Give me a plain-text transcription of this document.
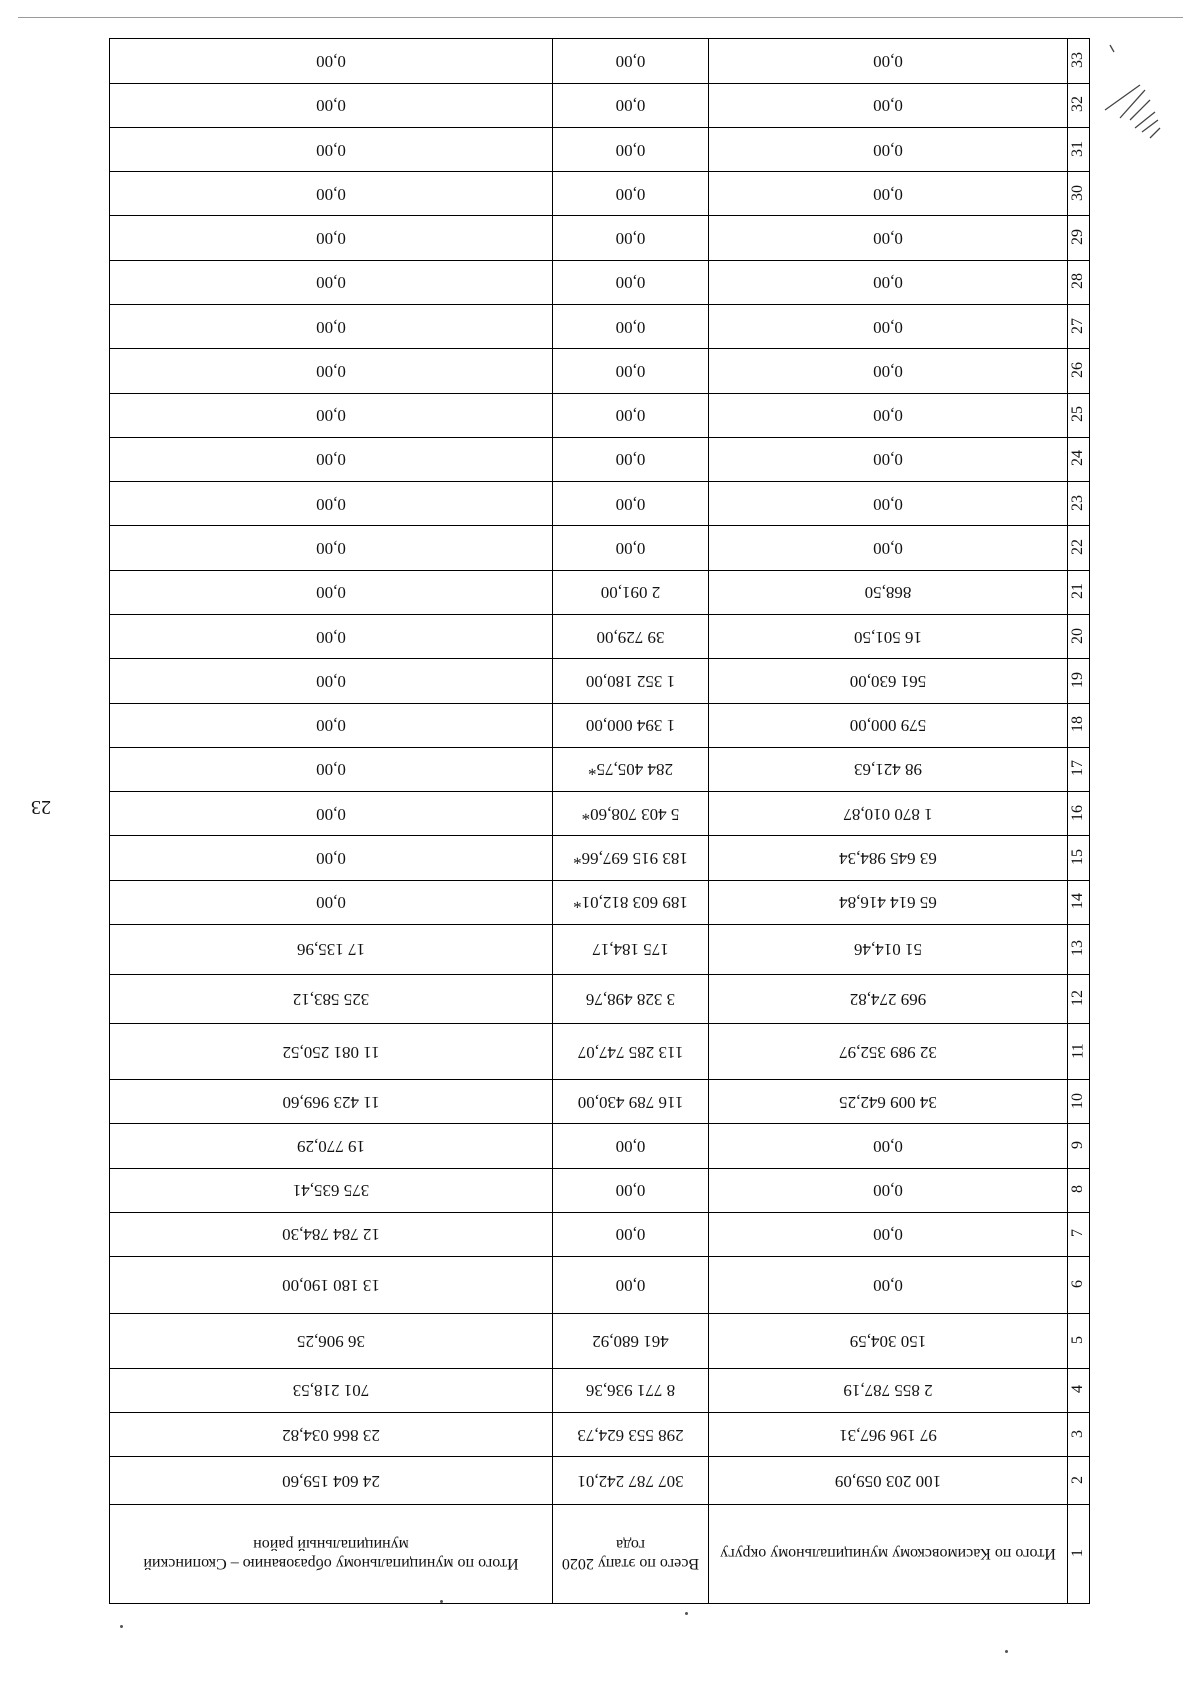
23
1	Итого по Касимовскому муниципальному округу	Всего по этапу 2020 года	Итого по муниципальному образованию – Скопинский муниципальный район
2	100 203 059,09	307 787 242,01	24 604 159,60
3	97 196 967,31	298 553 624,73	23 866 034,82
4	2 855 787,19	8 771 936,36	701 218,53
5	150 304,59	461 680,92	36 906,25
6	0,00	0,00	13 180 190,00
7	0,00	0,00	12 784 784,30
8	0,00	0,00	375 635,41
9	0,00	0,00	19 770,29
10	34 009 642,25	116 789 430,00	11 423 969,60
11	32 989 352,97	113 285 747,07	11 081 250,52
12	969 274,82	3 328 498,76	325 583,12
13	51 014,46	175 184,17	17 135,96
14	65 614 416,84	189 603 812,01*	0,00
15	63 645 984,34	183 915 697,66*	0,00
16	1 870 010,87	5 403 708,60*	0,00
17	98 421,63	284 405,75*	0,00
18	579 000,00	1 394 000,00	0,00
19	561 630,00	1 352 180,00	0,00
20	16 501,50	39 729,00	0,00
21	868,50	2 091,00	0,00
22	0,00	0,00	0,00
23	0,00	0,00	0,00
24	0,00	0,00	0,00
25	0,00	0,00	0,00
26	0,00	0,00	0,00
27	0,00	0,00	0,00
28	0,00	0,00	0,00
29	0,00	0,00	0,00
30	0,00	0,00	0,00
31	0,00	0,00	0,00
32	0,00	0,00	0,00
33	0,00	0,00	0,00
